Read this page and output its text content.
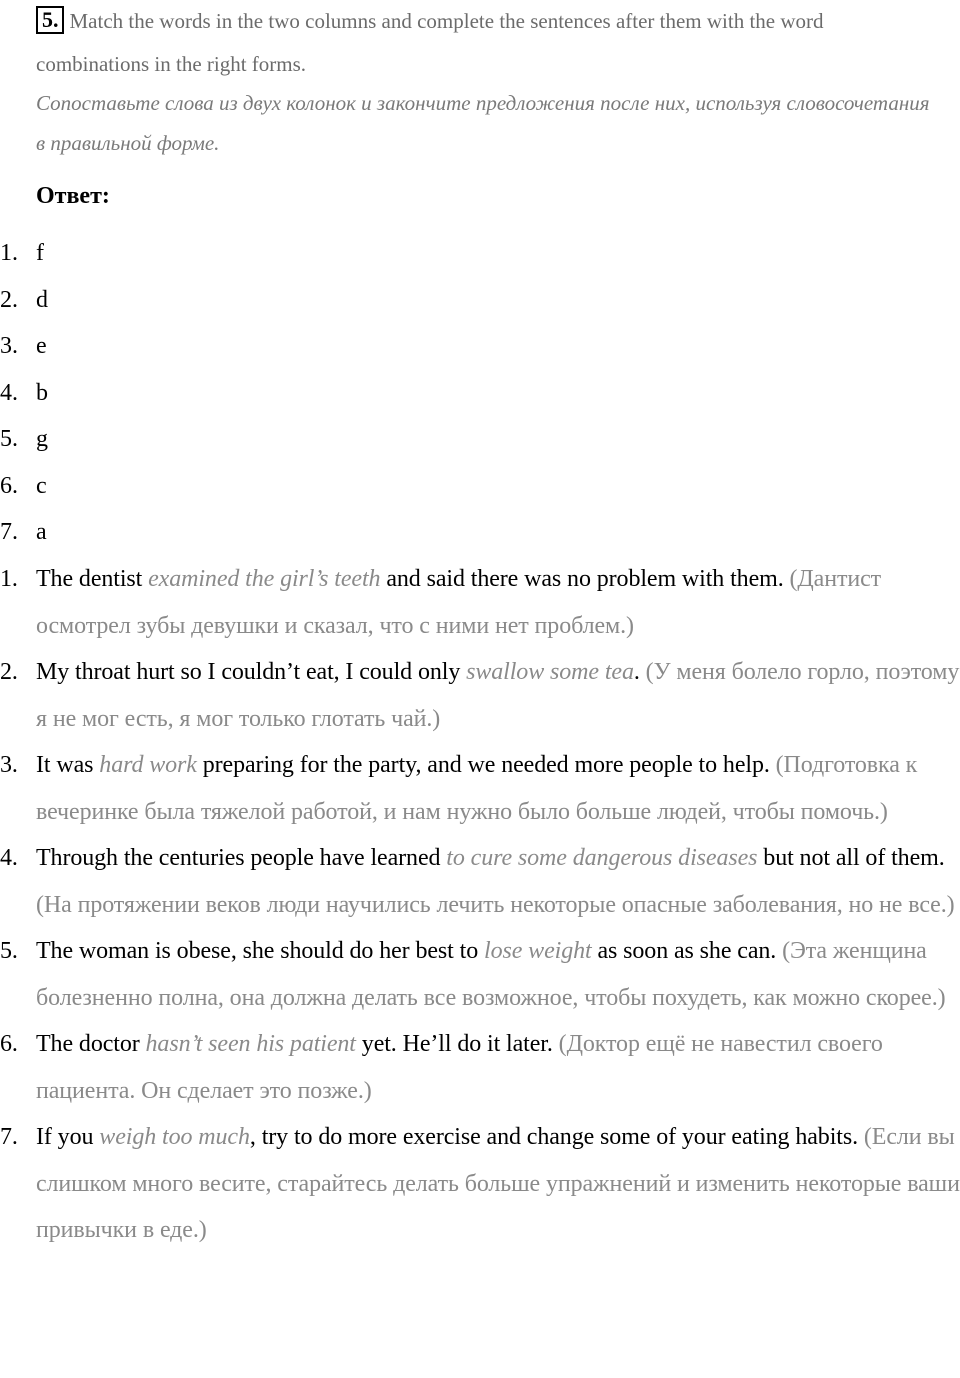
5. Match the words in the two columns and complete the sentences after them with the word combinations in the right forms.
Сопоставьте слова из двух колонок и закончите предложения после них, используя словосочетания в правильной форме.
Ответ:
1. f
2. d
3. e
4. b
5. g
6. c
7. a
1. The dentist examined the girl’s teeth and said there was no problem with them. (Дантист осмотрел зубы девушки и сказал, что с ними нет проблем.)
2. My throat hurt so I couldn’t eat, I could only swallow some tea. (У меня болело горло, поэтому я не мог есть, я мог только глотать чай.)
3. It was hard work preparing for the party, and we needed more people to help. (Подготовка к вечеринке была тяжелой работой, и нам нужно было больше людей, чтобы помочь.)
4. Through the centuries people have learned to cure some dangerous diseases but not all of them. (На протяжении веков люди научились лечить некоторые опасные заболевания, но не все.)
5. The woman is obese, she should do her best to lose weight as soon as she can. (Эта женщина болезненно полна, она должна делать все возможное, чтобы похудеть, как можно скорее.)
6. The doctor hasn’t seen his patient yet. He’ll do it later. (Доктор ещё не навестил своего пациента. Он сделает это позже.)
7. If you weigh too much, try to do more exercise and change some of your eating habits. (Если вы слишком много весите, старайтесь делать больше упражнений и изменить некоторые ваши привычки в еде.)
